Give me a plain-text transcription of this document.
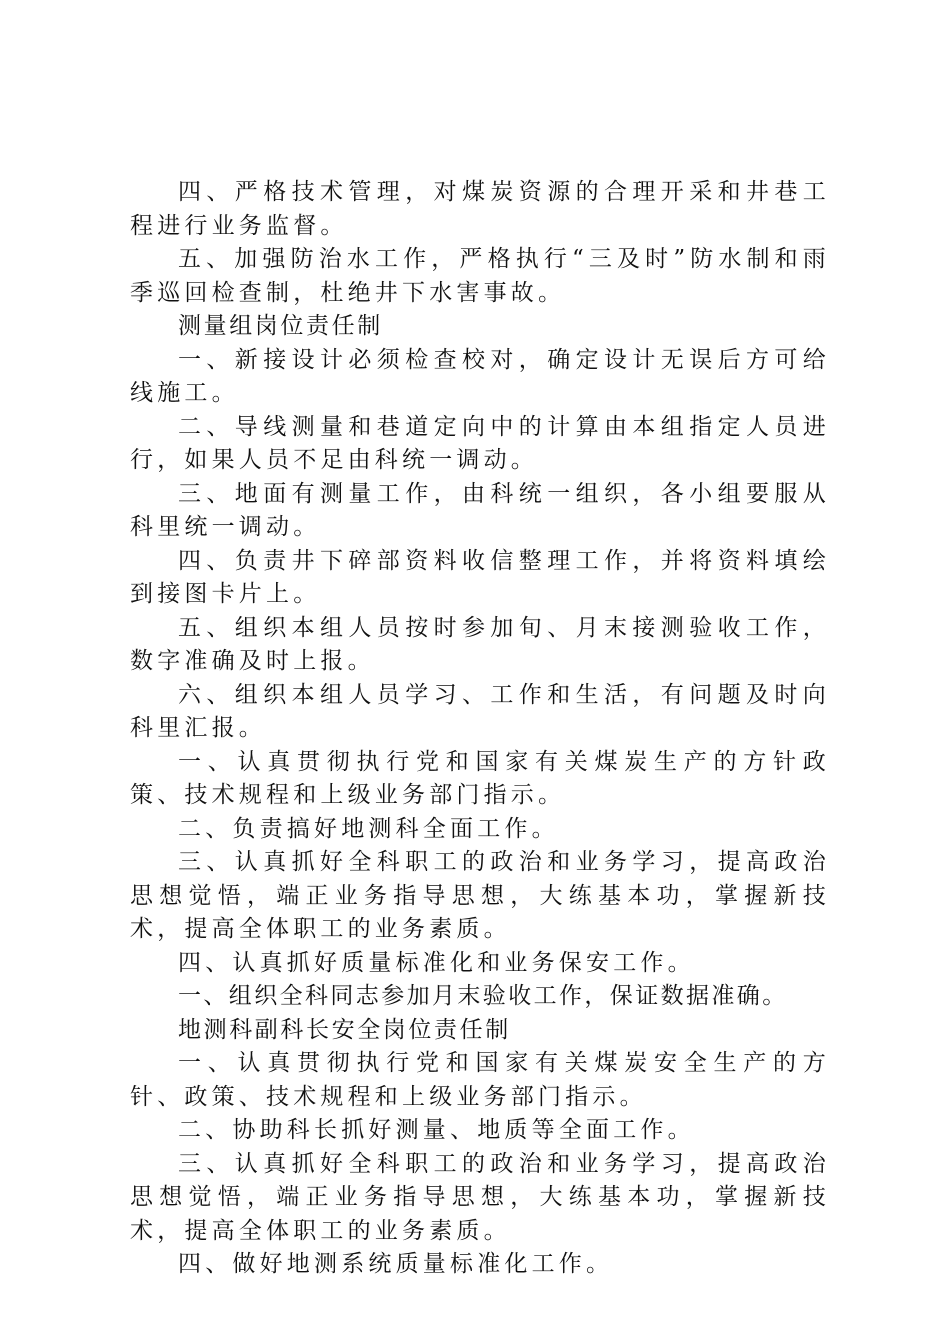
四、严格技术管理，对煤炭资源的合理开采和井巷工程进行业务监督。

五、加强防治水工作，严格执行“三及时”防水制和雨季巡回检查制，杜绝井下水害事故。

测量组岗位责任制

一、新接设计必须检查校对，确定设计无误后方可给线施工。

二、导线测量和巷道定向中的计算由本组指定人员进行，如果人员不足由科统一调动。

三、地面有测量工作，由科统一组织，各小组要服从科里统一调动。

四、负责井下碎部资料收信整理工作，并将资料填绘到接图卡片上。

五、组织本组人员按时参加旬、月末接测验收工作，数字准确及时上报。

六、组织本组人员学习、工作和生活，有问题及时向科里汇报。

一、认真贯彻执行党和国家有关煤炭生产的方针政策、技术规程和上级业务部门指示。

二、负责搞好地测科全面工作。

三、认真抓好全科职工的政治和业务学习，提高政治思想觉悟，端正业务指导思想，大练基本功，掌握新技术，提高全体职工的业务素质。

四、认真抓好质量标准化和业务保安工作。

一、组织全科同志参加月末验收工作，保证数据准确。

地测科副科长安全岗位责任制

一、认真贯彻执行党和国家有关煤炭安全生产的方针、政策、技术规程和上级业务部门指示。

二、协助科长抓好测量、地质等全面工作。

三、认真抓好全科职工的政治和业务学习，提高政治思想觉悟，端正业务指导思想，大练基本功，掌握新技术，提高全体职工的业务素质。

四、做好地测系统质量标准化工作。
